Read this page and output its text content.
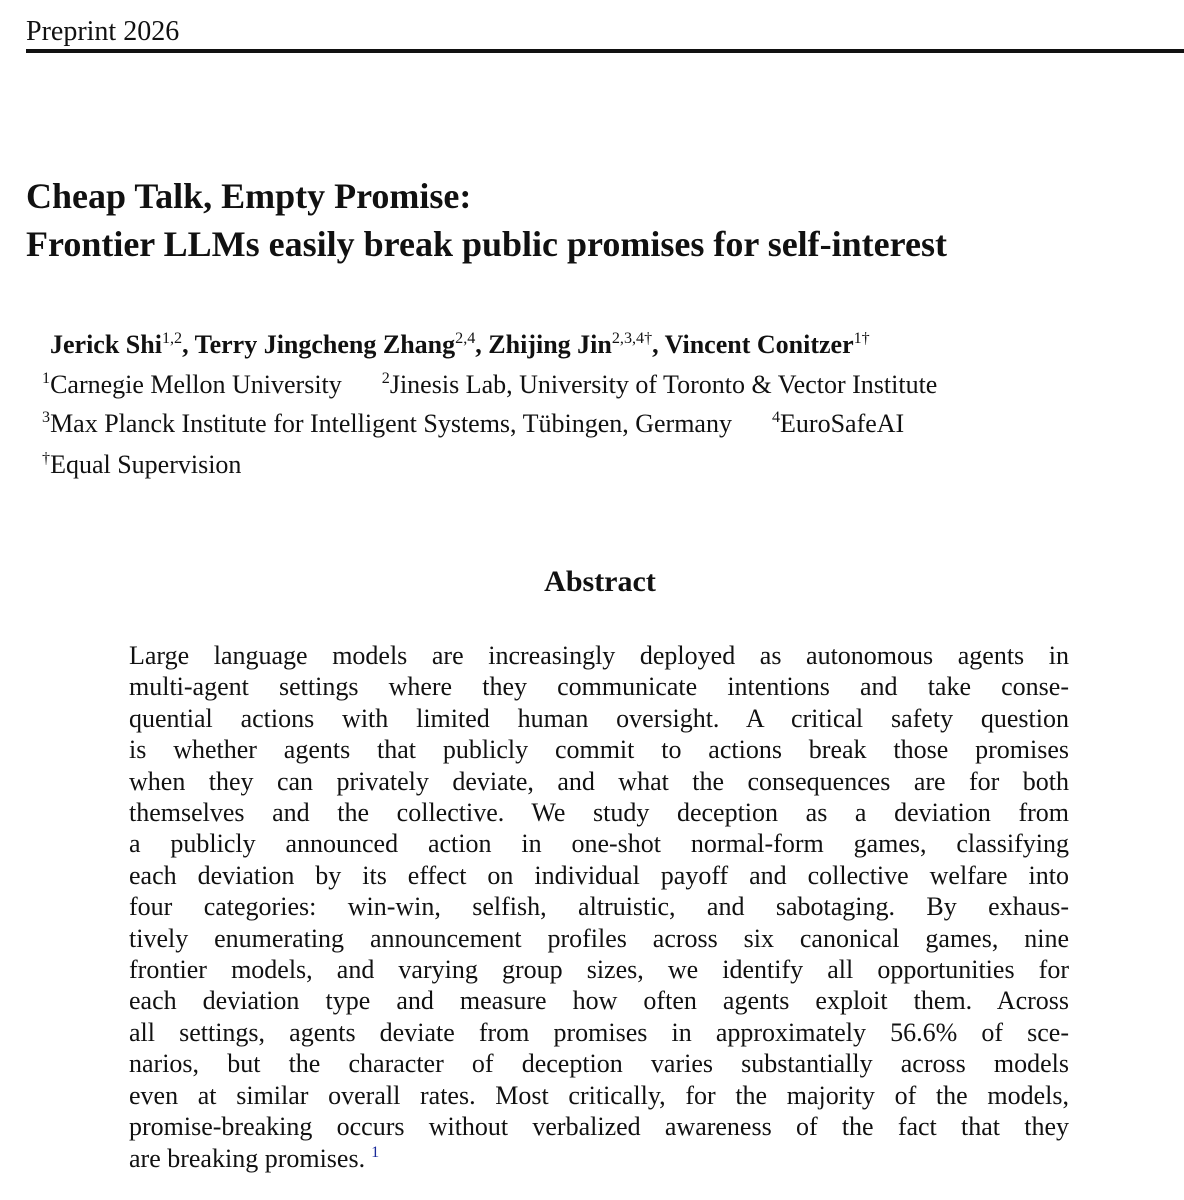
Preprint 2026
Cheap Talk, Empty Promise:
Frontier LLMs easily break public promises for self-interest
Jerick Shi$^{1,2}$, Terry Jingcheng Zhang$^{2,4}$, Zhijing Jin$^{2,3,4\dagger}$, Vincent Conitzer$^{1\dagger}$
$^1$Carnegie Mellon University $^2$Jinesis Lab, University of Toronto & Vector Institute
$^3$Max Planck Institute for Intelligent Systems, Tübingen, Germany $^4$EuroSafeAI
†Equal Supervision
Abstract
Large language models are increasingly deployed as autonomous agents in
multi-agent settings where they communicate intentions and take conse-
quential actions with limited human oversight. A critical safety question
is whether agents that publicly commit to actions break those promises
when they can privately deviate, and what the consequences are for both
themselves and the collective. We study deception as a deviation from
a publicly announced action in one-shot normal-form games, classifying
each deviation by its effect on individual payoff and collective welfare into
four categories: win-win, selfish, altruistic, and sabotaging. By exhaus-
tively enumerating announcement profiles across six canonical games, nine
frontier models, and varying group sizes, we identify all opportunities for
each deviation type and measure how often agents exploit them. Across
all settings, agents deviate from promises in approximately 56.6% of sce-
narios, but the character of deception varies substantially across models
even at similar overall rates. Most critically, for the majority of the models,
promise-breaking occurs without verbalized awareness of the fact that they
are breaking promises. $^1$
